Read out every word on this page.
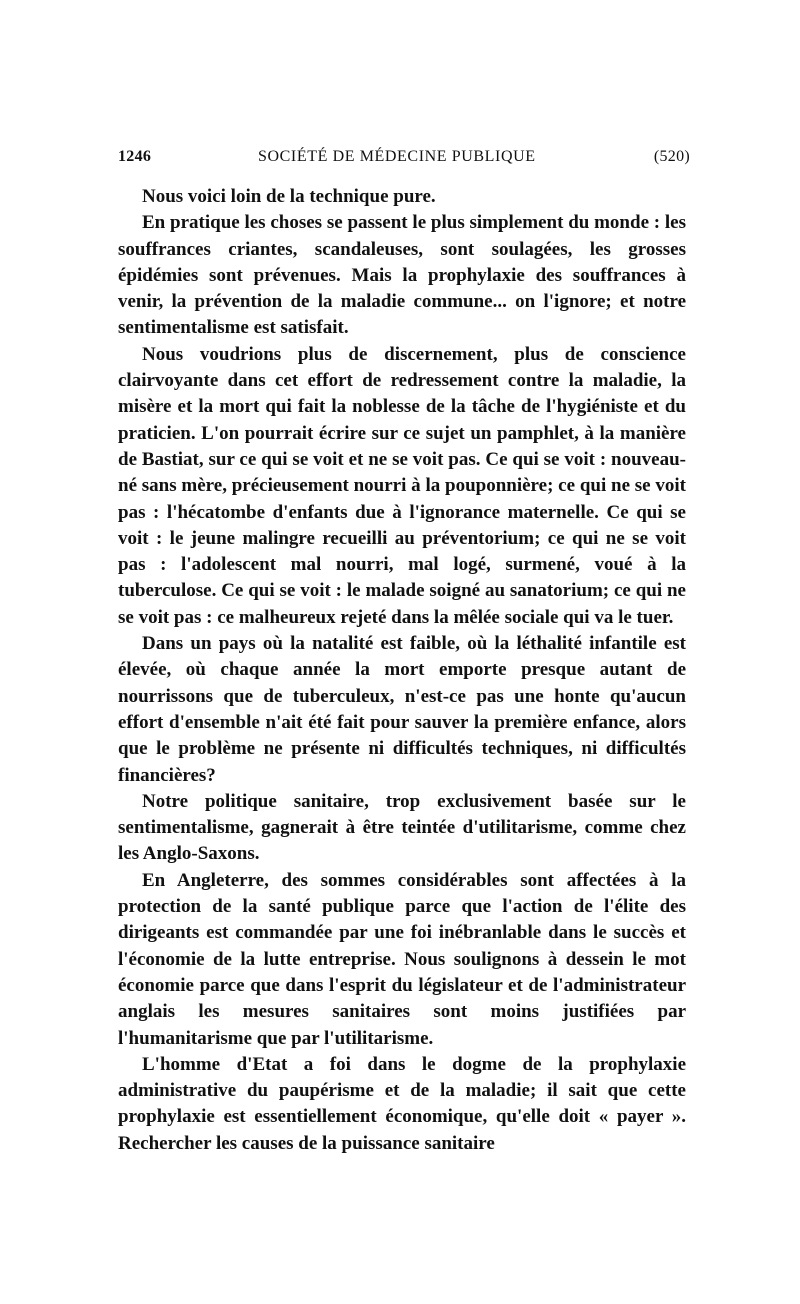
1246	SOCIÉTÉ DE MÉDECINE PUBLIQUE	(520)

Nous voici loin de la technique pure.

En pratique les choses se passent le plus simplement du monde : les souffrances criantes, scandaleuses, sont soulagées, les grosses épidémies sont prévenues. Mais la prophylaxie des souffrances à venir, la prévention de la maladie commune... on l'ignore; et notre sentimentalisme est satisfait.

Nous voudrions plus de discernement, plus de conscience clairvoyante dans cet effort de redressement contre la maladie, la misère et la mort qui fait la noblesse de la tâche de l'hygiéniste et du praticien. L'on pourrait écrire sur ce sujet un pamphlet, à la manière de Bastiat, sur ce qui se voit et ne se voit pas. Ce qui se voit : nouveau-né sans mère, précieusement nourri à la pouponnière; ce qui ne se voit pas : l'hécatombe d'enfants due à l'ignorance maternelle. Ce qui se voit : le jeune malingre recueilli au préventorium; ce qui ne se voit pas : l'adolescent mal nourri, mal logé, surmené, voué à la tuberculose. Ce qui se voit : le malade soigné au sanatorium; ce qui ne se voit pas : ce malheureux rejeté dans la mêlée sociale qui va le tuer.

Dans un pays où la natalité est faible, où la léthalité infantile est élevée, où chaque année la mort emporte presque autant de nourrissons que de tuberculeux, n'est-ce pas une honte qu'aucun effort d'ensemble n'ait été fait pour sauver la première enfance, alors que le problème ne présente ni difficultés techniques, ni difficultés financières?

Notre politique sanitaire, trop exclusivement basée sur le sentimentalisme, gagnerait à être teintée d'utilitarisme, comme chez les Anglo-Saxons.

En Angleterre, des sommes considérables sont affectées à la protection de la santé publique parce que l'action de l'élite des dirigeants est commandée par une foi inébranlable dans le succès et l'économie de la lutte entreprise. Nous soulignons à dessein le mot économie parce que dans l'esprit du législateur et de l'administrateur anglais les mesures sanitaires sont moins justifiées par l'humanitarisme que par l'utilitarisme.

L'homme d'Etat a foi dans le dogme de la prophylaxie administrative du paupérisme et de la maladie; il sait que cette prophylaxie est essentiellement économique, qu'elle doit « payer ». Rechercher les causes de la puissance sanitaire
